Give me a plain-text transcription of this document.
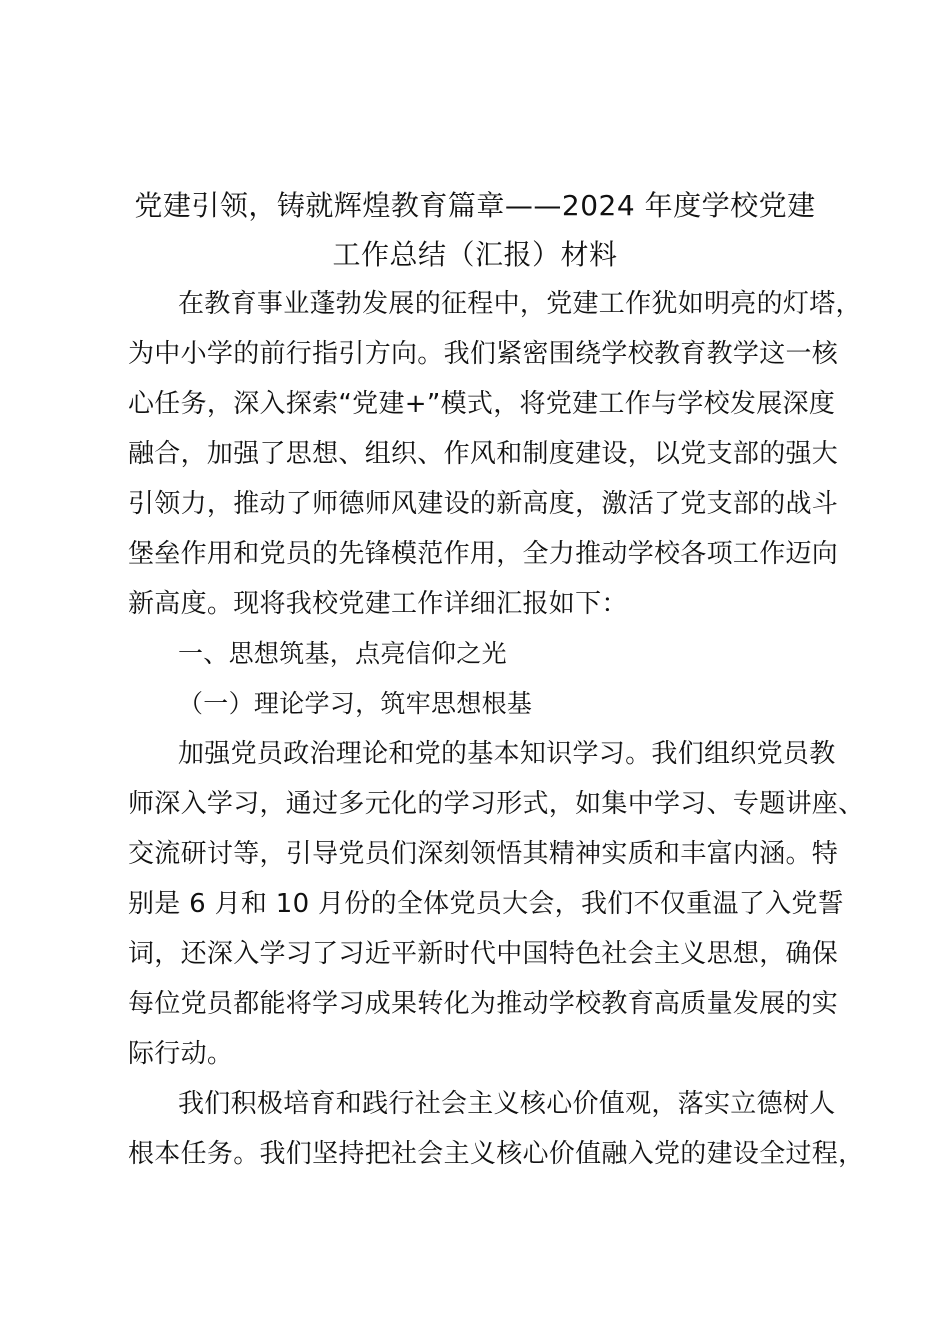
党建引领，铸就辉煌教育篇章——2024 年度学校党建
工作总结（汇报）材料
在教育事业蓬勃发展的征程中，党建工作犹如明亮的灯塔，
为中小学的前行指引方向。我们紧密围绕学校教育教学这一核
心任务，深入探索“党建+”模式，将党建工作与学校发展深度
融合，加强了思想、组织、作风和制度建设，以党支部的强大
引领力，推动了师德师风建设的新高度，激活了党支部的战斗
堡垒作用和党员的先锋模范作用，全力推动学校各项工作迈向
新高度。现将我校党建工作详细汇报如下：
一、思想筑基，点亮信仰之光
（一）理论学习，筑牢思想根基
加强党员政治理论和党的基本知识学习。我们组织党员教
师深入学习，通过多元化的学习形式，如集中学习、专题讲座、
交流研讨等，引导党员们深刻领悟其精神实质和丰富内涵。特
别是 6 月和 10 月份的全体党员大会，我们不仅重温了入党誓
词，还深入学习了习近平新时代中国特色社会主义思想，确保
每位党员都能将学习成果转化为推动学校教育高质量发展的实
际行动。
我们积极培育和践行社会主义核心价值观，落实立德树人
根本任务。我们坚持把社会主义核心价值融入党的建设全过程，
